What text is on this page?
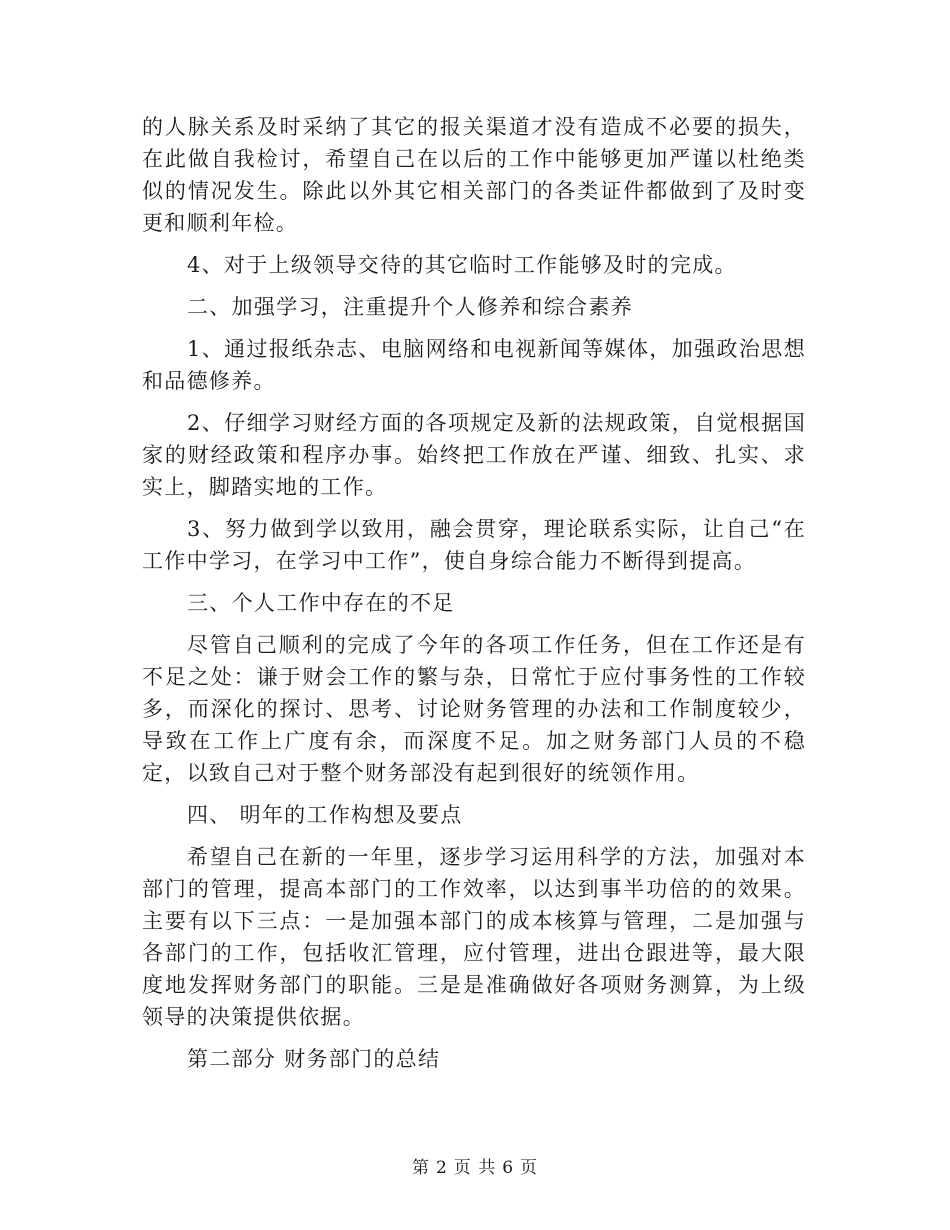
的人脉关系及时采纳了其它的报关渠道才没有造成不必要的损失，在此做自我检讨，希望自己在以后的工作中能够更加严谨以杜绝类似的情况发生。除此以外其它相关部门的各类证件都做到了及时变更和顺利年检。

4、对于上级领导交待的其它临时工作能够及时的完成。

二、加强学习，注重提升个人修养和综合素养

1、通过报纸杂志、电脑网络和电视新闻等媒体，加强政治思想和品德修养。

2、仔细学习财经方面的各项规定及新的法规政策，自觉根据国家的财经政策和程序办事。始终把工作放在严谨、细致、扎实、求实上，脚踏实地的工作。

3、努力做到学以致用，融会贯穿，理论联系实际，让自己“在工作中学习，在学习中工作”，使自身综合能力不断得到提高。

三、个人工作中存在的不足

尽管自己顺利的完成了今年的各项工作任务，但在工作还是有不足之处：谦于财会工作的繁与杂，日常忙于应付事务性的工作较多，而深化的探讨、思考、讨论财务管理的办法和工作制度较少，导致在工作上广度有余，而深度不足。加之财务部门人员的不稳定，以致自己对于整个财务部没有起到很好的统领作用。

四、 明年的工作构想及要点

希望自己在新的一年里，逐步学习运用科学的方法，加强对本部门的管理，提高本部门的工作效率，以达到事半功倍的的效果。主要有以下三点：一是加强本部门的成本核算与管理，二是加强与各部门的工作，包括收汇管理，应付管理，进出仓跟进等，最大限度地发挥财务部门的职能。三是是准确做好各项财务测算，为上级领导的决策提供依据。

第二部分 财务部门的总结

第 2 页 共 6 页
